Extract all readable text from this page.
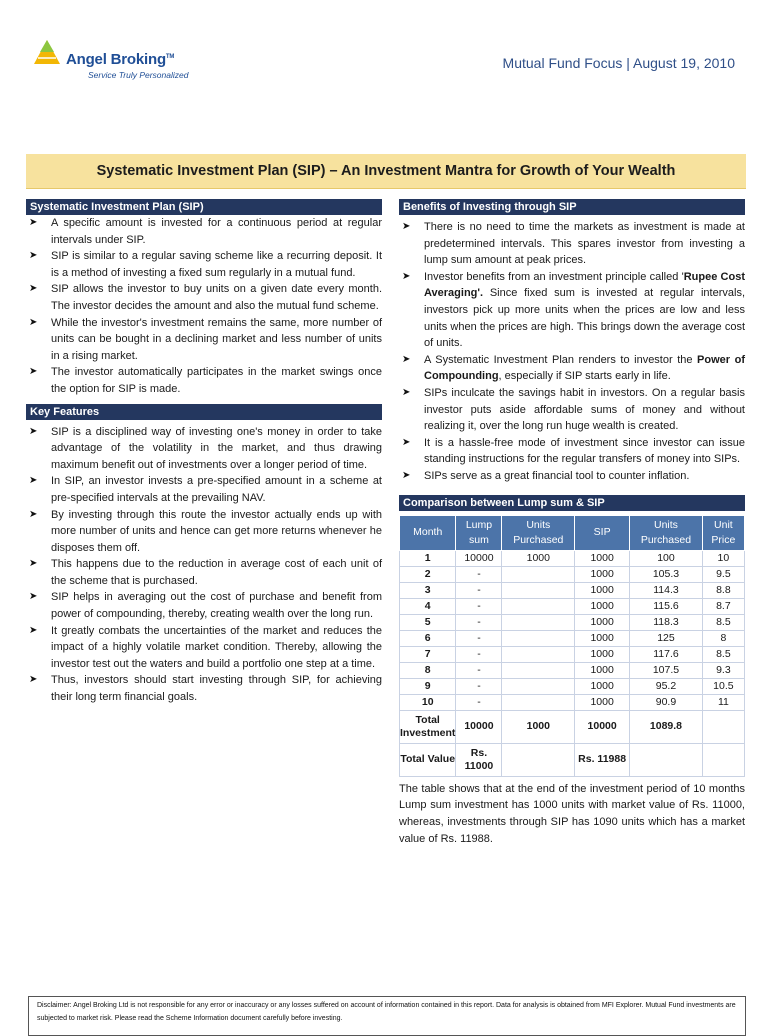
Angel Broking™
Service Truly Personalized
Mutual Fund Focus | August 19, 2010
Systematic Investment Plan (SIP) – An Investment Mantra for Growth of Your Wealth
Systematic Investment Plan (SIP)
➤ A specific amount is invested for a continuous period at regular intervals under SIP.
➤ SIP is similar to a regular saving scheme like a recurring deposit. It is a method of investing a fixed sum regularly in a mutual fund.
➤ SIP allows the investor to buy units on a given date every month. The investor decides the amount and also the mutual fund scheme.
➤ While the investor's investment remains the same, more number of units can be bought in a declining market and less number of units in a rising market.
➤ The investor automatically participates in the market swings once the option for SIP is made.
Key Features
➤ SIP is a disciplined way of investing one's money in order to take advantage of the volatility in the market, and thus drawing maximum benefit out of investments over a longer period of time.
➤ In SIP, an investor invests a pre-specified amount in a scheme at pre-specified intervals at the prevailing NAV.
➤ By investing through this route the investor actually ends up with more number of units and hence can get more returns whenever he disposes them off.
➤ This happens due to the reduction in average cost of each unit of the scheme that is purchased.
➤ SIP helps in averaging out the cost of purchase and benefit from power of compounding, thereby, creating wealth over the long run.
➤ It greatly combats the uncertainties of the market and reduces the impact of a highly volatile market condition. Thereby, allowing the investor test out the waters and build a portfolio one step at a time.
➤ Thus, investors should start investing through SIP, for achieving their long term financial goals.
Benefits of Investing through SIP
➤ There is no need to time the markets as investment is made at predetermined intervals. This spares investor from investing a lump sum amount at peak prices.
➤ Investor benefits from an investment principle called 'Rupee Cost Averaging'. Since fixed sum is invested at regular intervals, investors pick up more units when the prices are low and less units when the prices are high. This brings down the average cost of units.
➤ A Systematic Investment Plan renders to investor the Power of Compounding, especially if SIP starts early in life.
➤ SIPs inculcate the savings habit in investors. On a regular basis investor puts aside affordable sums of money and without realizing it, over the long run huge wealth is created.
➤ It is a hassle-free mode of investment since investor can issue standing instructions for the regular transfers of money into SIPs.
➤ SIPs serve as a great financial tool to counter inflation.
Comparison between Lump sum & SIP
Month	Lump sum	Units Purchased	SIP	Units Purchased	Unit Price
1	10000	1000	1000	100	10
2	-		1000	105.3	9.5
3	-		1000	114.3	8.8
4	-		1000	115.6	8.7
5	-		1000	118.3	8.5
6	-		1000	125	8
7	-		1000	117.6	8.5
8	-		1000	107.5	9.3
9	-		1000	95.2	10.5
10	-		1000	90.9	11
Total Investment	10000	1000	10000	1089.8	
Total Value	Rs. 11000		Rs. 11988		
The table shows that at the end of the investment period of 10 months Lump sum investment has 1000 units with market value of Rs. 11000, whereas, investments through SIP has 1090 units which has a market value of Rs. 11988.
Disclaimer: Angel Broking Ltd is not responsible for any error or inaccuracy or any losses suffered on account of information contained in this report. Data for analysis is obtained from MFI Explorer. Mutual Fund investments are subjected to market risk. Please read the Scheme Information document carefully before investing.
